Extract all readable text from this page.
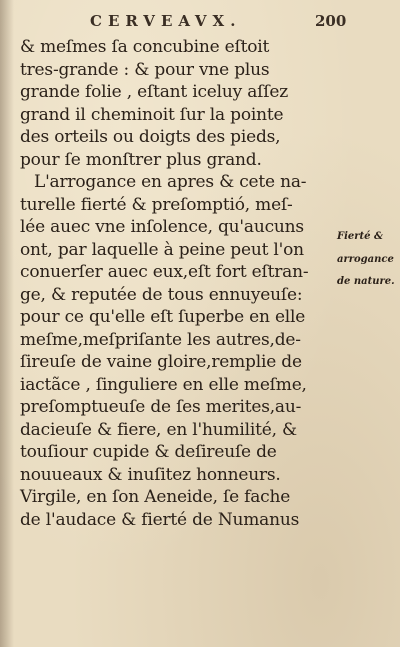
CERVEAVX.	200
& meſmes ſa concubine eſtoit
tres-grande : & pour vne plus
grande folie , eſtant iceluy aſſez
grand il cheminoit ſur la pointe
des orteils ou doigts des pieds,
pour ſe monſtrer plus grand.
L'arrogance en apres & cete na-
turelle fierté & preſomptió, meſ-
lée auec vne inſolence, qu'aucuns
ont, par laquelle à peine peut l'on
conuerſer auec eux,eſt fort eſtran-
ge, & reputée de tous ennuyeuſe:
pour ce qu'elle eſt ſuperbe en elle
meſme,meſpriſante les autres,de-
ſireuſe de vaine gloire,remplie de
iactãce , ſinguliere en elle meſme,
preſomptueuſe de ſes merites,au-
dacieuſe & fiere, en l'humilité, &
touſiour cupide & deſireuſe de
nouueaux & inuſitez honneurs.
Virgile, en ſon Aeneide, ſe fache
de l'audace & fierté de Numanus
Fierté &
arrogance
de nature.
